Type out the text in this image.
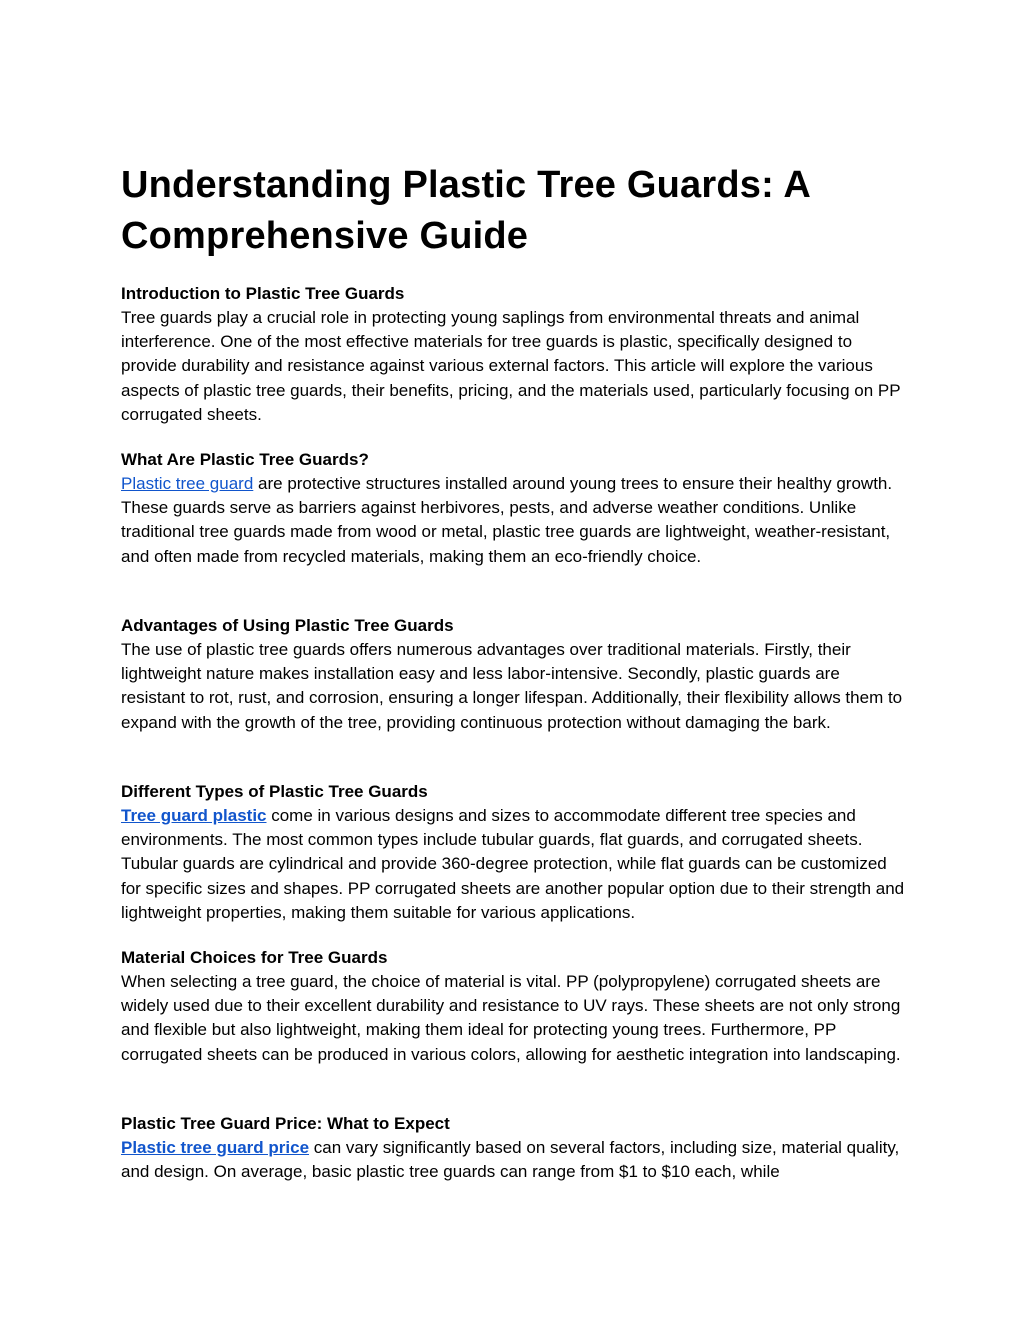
Understanding Plastic Tree Guards: A Comprehensive Guide

Introduction to Plastic Tree Guards

Tree guards play a crucial role in protecting young saplings from environmental threats and animal interference. One of the most effective materials for tree guards is plastic, specifically designed to provide durability and resistance against various external factors. This article will explore the various aspects of plastic tree guards, their benefits, pricing, and the materials used, particularly focusing on PP corrugated sheets.

What Are Plastic Tree Guards?

Plastic tree guard are protective structures installed around young trees to ensure their healthy growth. These guards serve as barriers against herbivores, pests, and adverse weather conditions. Unlike traditional tree guards made from wood or metal, plastic tree guards are lightweight, weather-resistant, and often made from recycled materials, making them an eco-friendly choice.

Advantages of Using Plastic Tree Guards

The use of plastic tree guards offers numerous advantages over traditional materials. Firstly, their lightweight nature makes installation easy and less labor-intensive. Secondly, plastic guards are resistant to rot, rust, and corrosion, ensuring a longer lifespan. Additionally, their flexibility allows them to expand with the growth of the tree, providing continuous protection without damaging the bark.

Different Types of Plastic Tree Guards

Tree guard plastic come in various designs and sizes to accommodate different tree species and environments. The most common types include tubular guards, flat guards, and corrugated sheets. Tubular guards are cylindrical and provide 360-degree protection, while flat guards can be customized for specific sizes and shapes. PP corrugated sheets are another popular option due to their strength and lightweight properties, making them suitable for various applications.

Material Choices for Tree Guards

When selecting a tree guard, the choice of material is vital. PP (polypropylene) corrugated sheets are widely used due to their excellent durability and resistance to UV rays. These sheets are not only strong and flexible but also lightweight, making them ideal for protecting young trees. Furthermore, PP corrugated sheets can be produced in various colors, allowing for aesthetic integration into landscaping.

Plastic Tree Guard Price: What to Expect

Plastic tree guard price can vary significantly based on several factors, including size, material quality, and design. On average, basic plastic tree guards can range from $1 to $10 each, while
